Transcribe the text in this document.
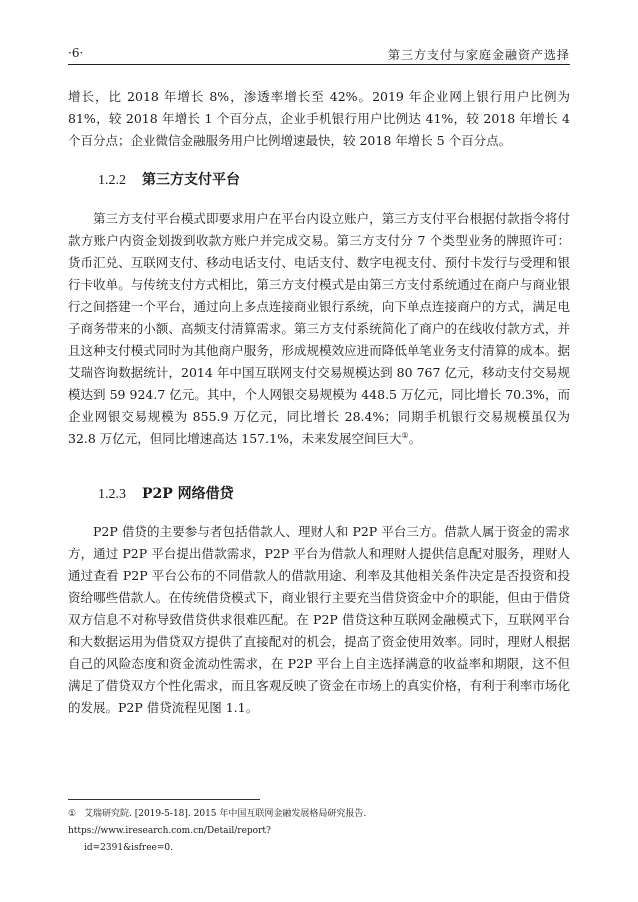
·6·	第三方支付与家庭金融资产选择

增长，比 2018 年增长 8%，渗透率增长至 42%。2019 年企业网上银行用户比例为 81%，较 2018 年增长 1 个百分点，企业手机银行用户比例达 41%，较 2018 年增长 4 个百分点；企业微信金融服务用户比例增速最快，较 2018 年增长 5 个百分点。

1.2.2 第三方支付平台

第三方支付平台模式即要求用户在平台内设立账户，第三方支付平台根据付款指令将付款方账户内资金划拨到收款方账户并完成交易。第三方支付分 7 个类型业务的牌照许可：货币汇兑、互联网支付、移动电话支付、电话支付、数字电视支付、预付卡发行与受理和银行卡收单。与传统支付方式相比，第三方支付模式是由第三方支付系统通过在商户与商业银行之间搭建一个平台，通过向上多点连接商业银行系统，向下单点连接商户的方式，满足电子商务带来的小额、高频支付清算需求。第三方支付系统简化了商户的在线收付款方式，并且这种支付模式同时为其他商户服务，形成规模效应进而降低单笔业务支付清算的成本。据艾瑞咨询数据统计，2014 年中国互联网支付交易规模达到 80 767 亿元，移动支付交易规模达到 59 924.7 亿元。其中，个人网银交易规模为 448.5 万亿元，同比增长 70.3%，而企业网银交易规模为 855.9 万亿元，同比增长 28.4%；同期手机银行交易规模虽仅为 32.8 万亿元，但同比增速高达 157.1%，未来发展空间巨大①。

1.2.3 P2P 网络借贷

P2P 借贷的主要参与者包括借款人、理财人和 P2P 平台三方。借款人属于资金的需求方，通过 P2P 平台提出借款需求，P2P 平台为借款人和理财人提供信息配对服务，理财人通过查看 P2P 平台公布的不同借款人的借款用途、利率及其他相关条件决定是否投资和投资给哪些借款人。在传统借贷模式下，商业银行主要充当借贷资金中介的职能，但由于借贷双方信息不对称导致借贷供求很难匹配。在 P2P 借贷这种互联网金融模式下，互联网平台和大数据运用为借贷双方提供了直接配对的机会，提高了资金使用效率。同时，理财人根据自己的风险态度和资金流动性需求，在 P2P 平台上自主选择满意的收益率和期限，这不但满足了借贷双方个性化需求，而且客观反映了资金在市场上的真实价格，有利于利率市场化的发展。P2P 借贷流程见图 1.1。

① 艾瑞研究院. [2019-5-18]. 2015 年中国互联网金融发展格局研究报告. https://www.iresearch.com.cn/Detail/report?
id=2391&isfree=0.
